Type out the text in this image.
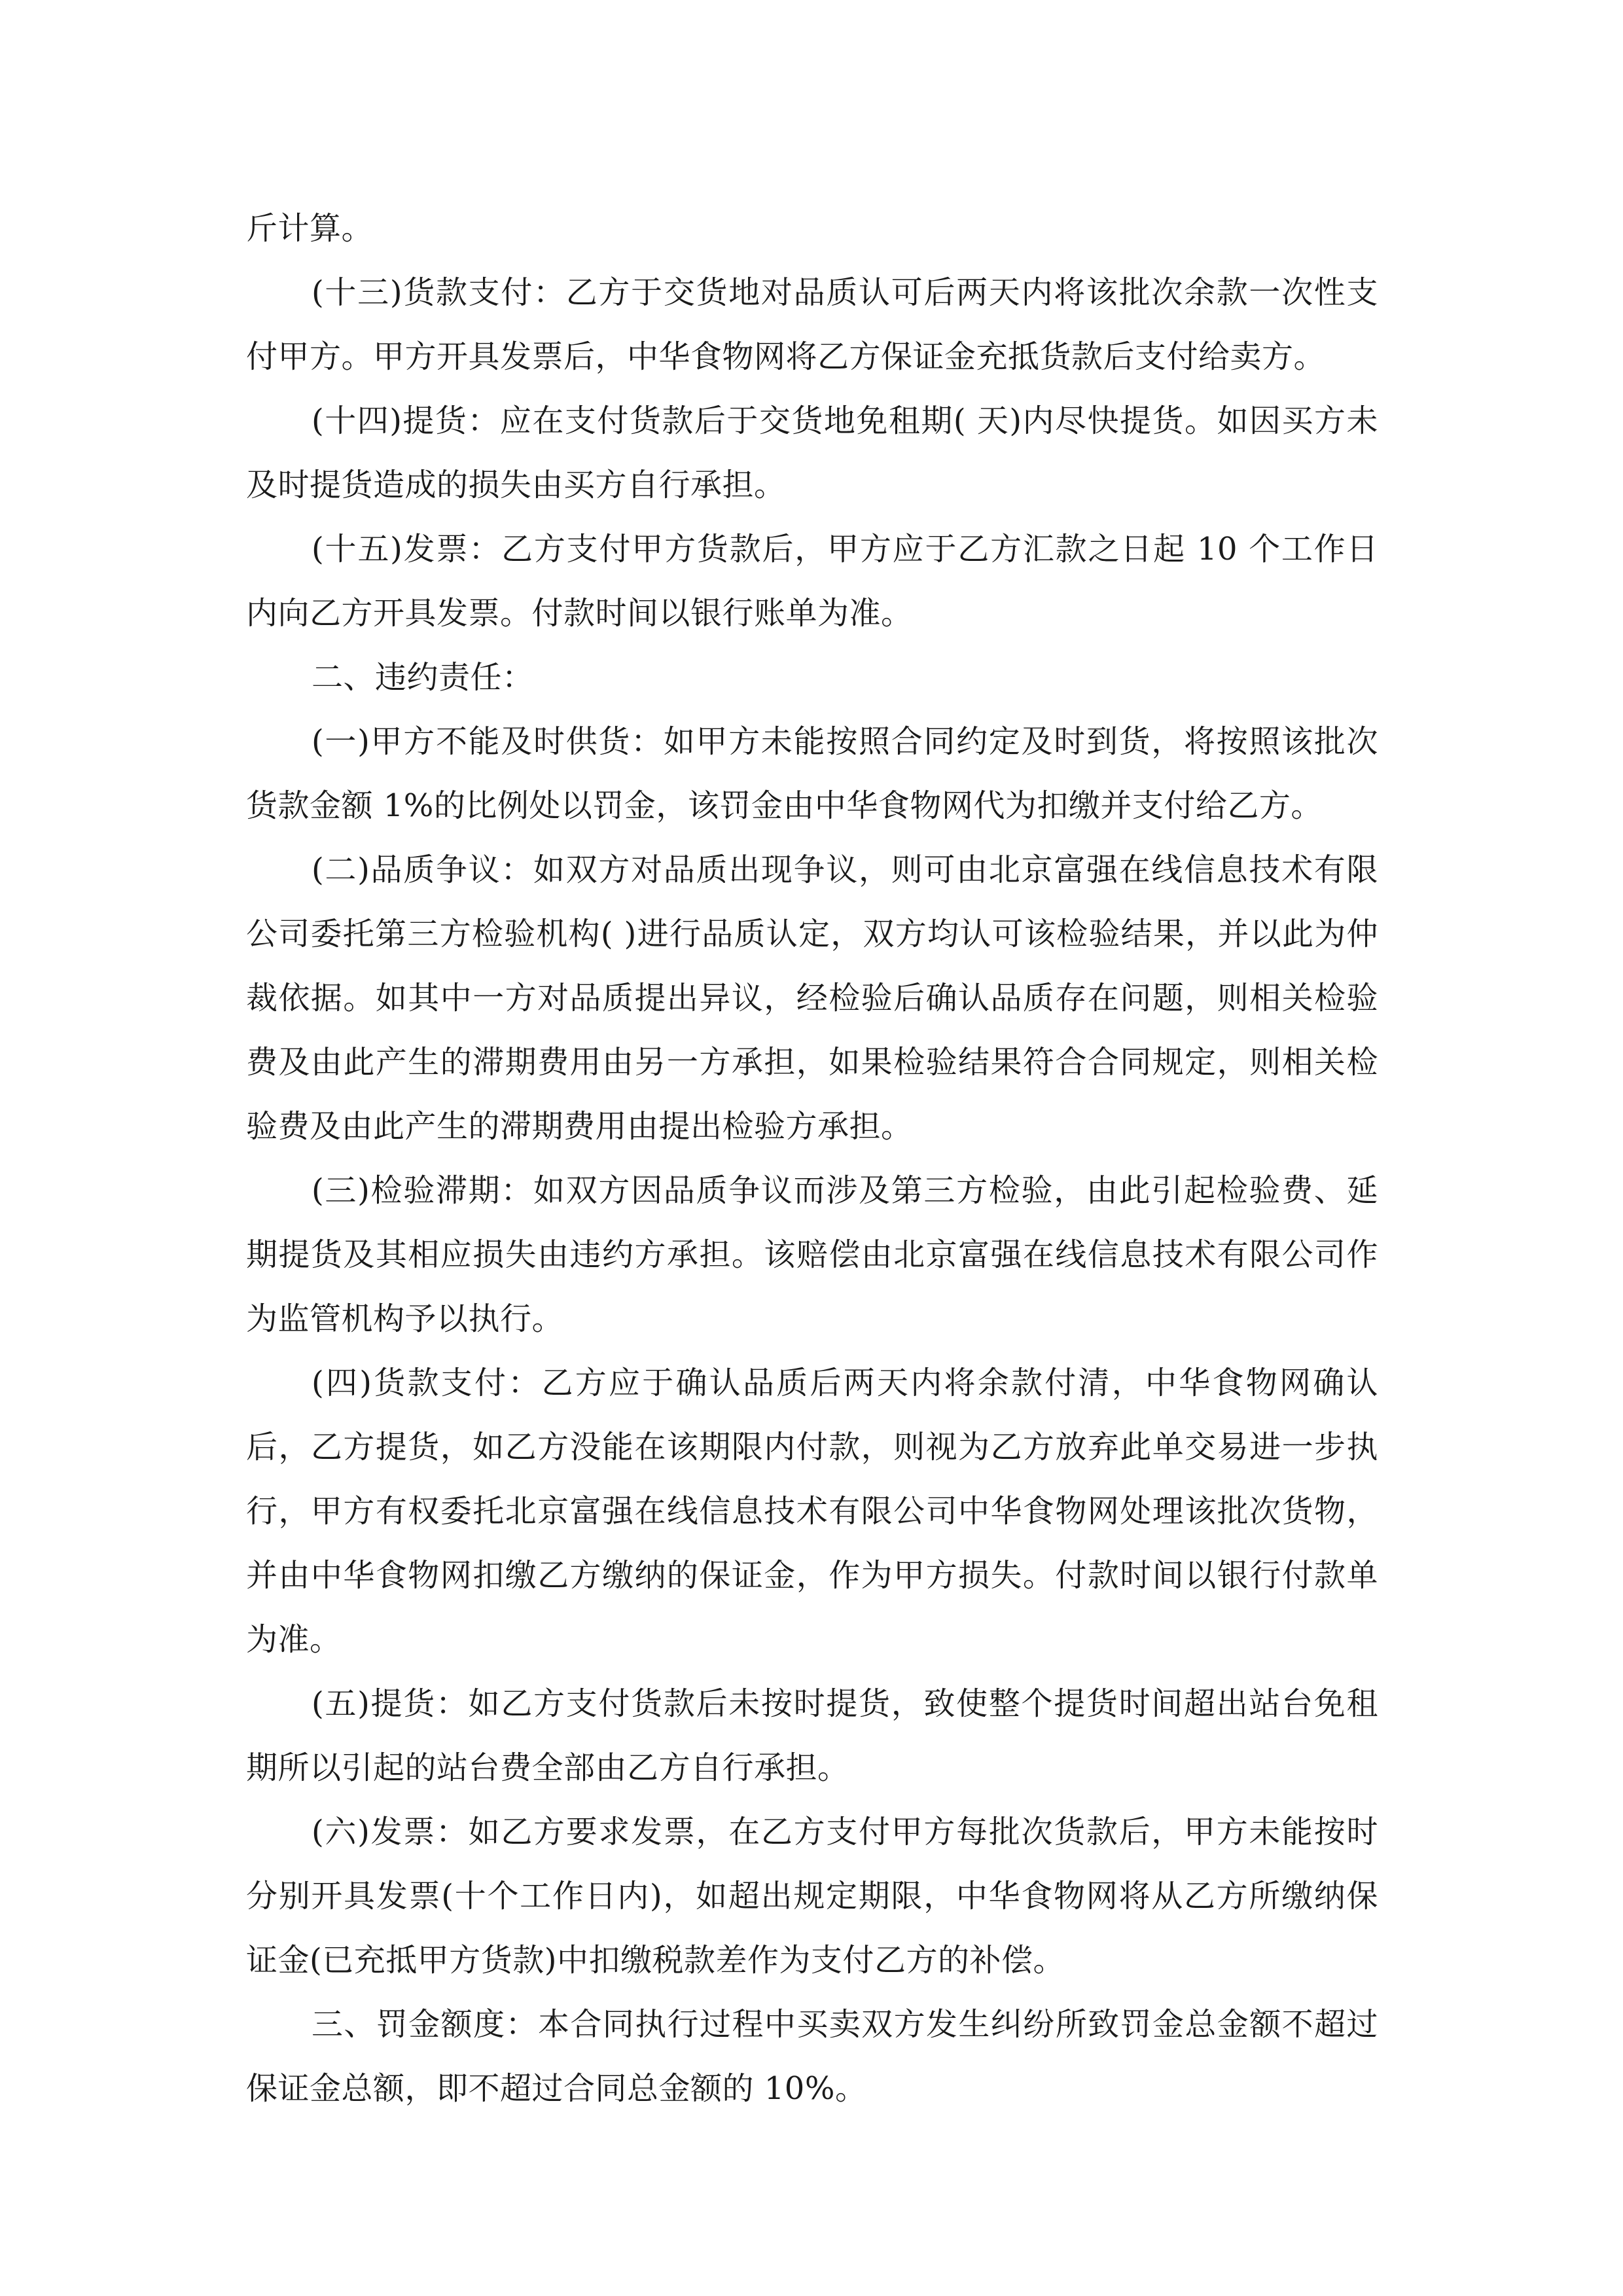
斤计算。

(十三)货款支付：乙方于交货地对品质认可后两天内将该批次余款一次性支付甲方。甲方开具发票后，中华食物网将乙方保证金充抵货款后支付给卖方。

(十四)提货：应在支付货款后于交货地免租期( 天)内尽快提货。如因买方未及时提货造成的损失由买方自行承担。

(十五)发票：乙方支付甲方货款后，甲方应于乙方汇款之日起 10 个工作日内向乙方开具发票。付款时间以银行账单为准。

二、违约责任：

(一)甲方不能及时供货：如甲方未能按照合同约定及时到货，将按照该批次货款金额 1%的比例处以罚金，该罚金由中华食物网代为扣缴并支付给乙方。

(二)品质争议：如双方对品质出现争议，则可由北京富强在线信息技术有限公司委托第三方检验机构( )进行品质认定，双方均认可该检验结果，并以此为仲裁依据。如其中一方对品质提出异议，经检验后确认品质存在问题，则相关检验费及由此产生的滞期费用由另一方承担，如果检验结果符合合同规定，则相关检验费及由此产生的滞期费用由提出检验方承担。

(三)检验滞期：如双方因品质争议而涉及第三方检验，由此引起检验费、延期提货及其相应损失由违约方承担。该赔偿由北京富强在线信息技术有限公司作为监管机构予以执行。

(四)货款支付：乙方应于确认品质后两天内将余款付清，中华食物网确认后，乙方提货，如乙方没能在该期限内付款，则视为乙方放弃此单交易进一步执行，甲方有权委托北京富强在线信息技术有限公司中华食物网处理该批次货物，并由中华食物网扣缴乙方缴纳的保证金，作为甲方损失。付款时间以银行付款单为准。

(五)提货：如乙方支付货款后未按时提货，致使整个提货时间超出站台免租期所以引起的站台费全部由乙方自行承担。

(六)发票：如乙方要求发票，在乙方支付甲方每批次货款后，甲方未能按时分别开具发票(十个工作日内)，如超出规定期限，中华食物网将从乙方所缴纳保证金(已充抵甲方货款)中扣缴税款差作为支付乙方的补偿。

三、罚金额度：本合同执行过程中买卖双方发生纠纷所致罚金总金额不超过保证金总额，即不超过合同总金额的 10%。
